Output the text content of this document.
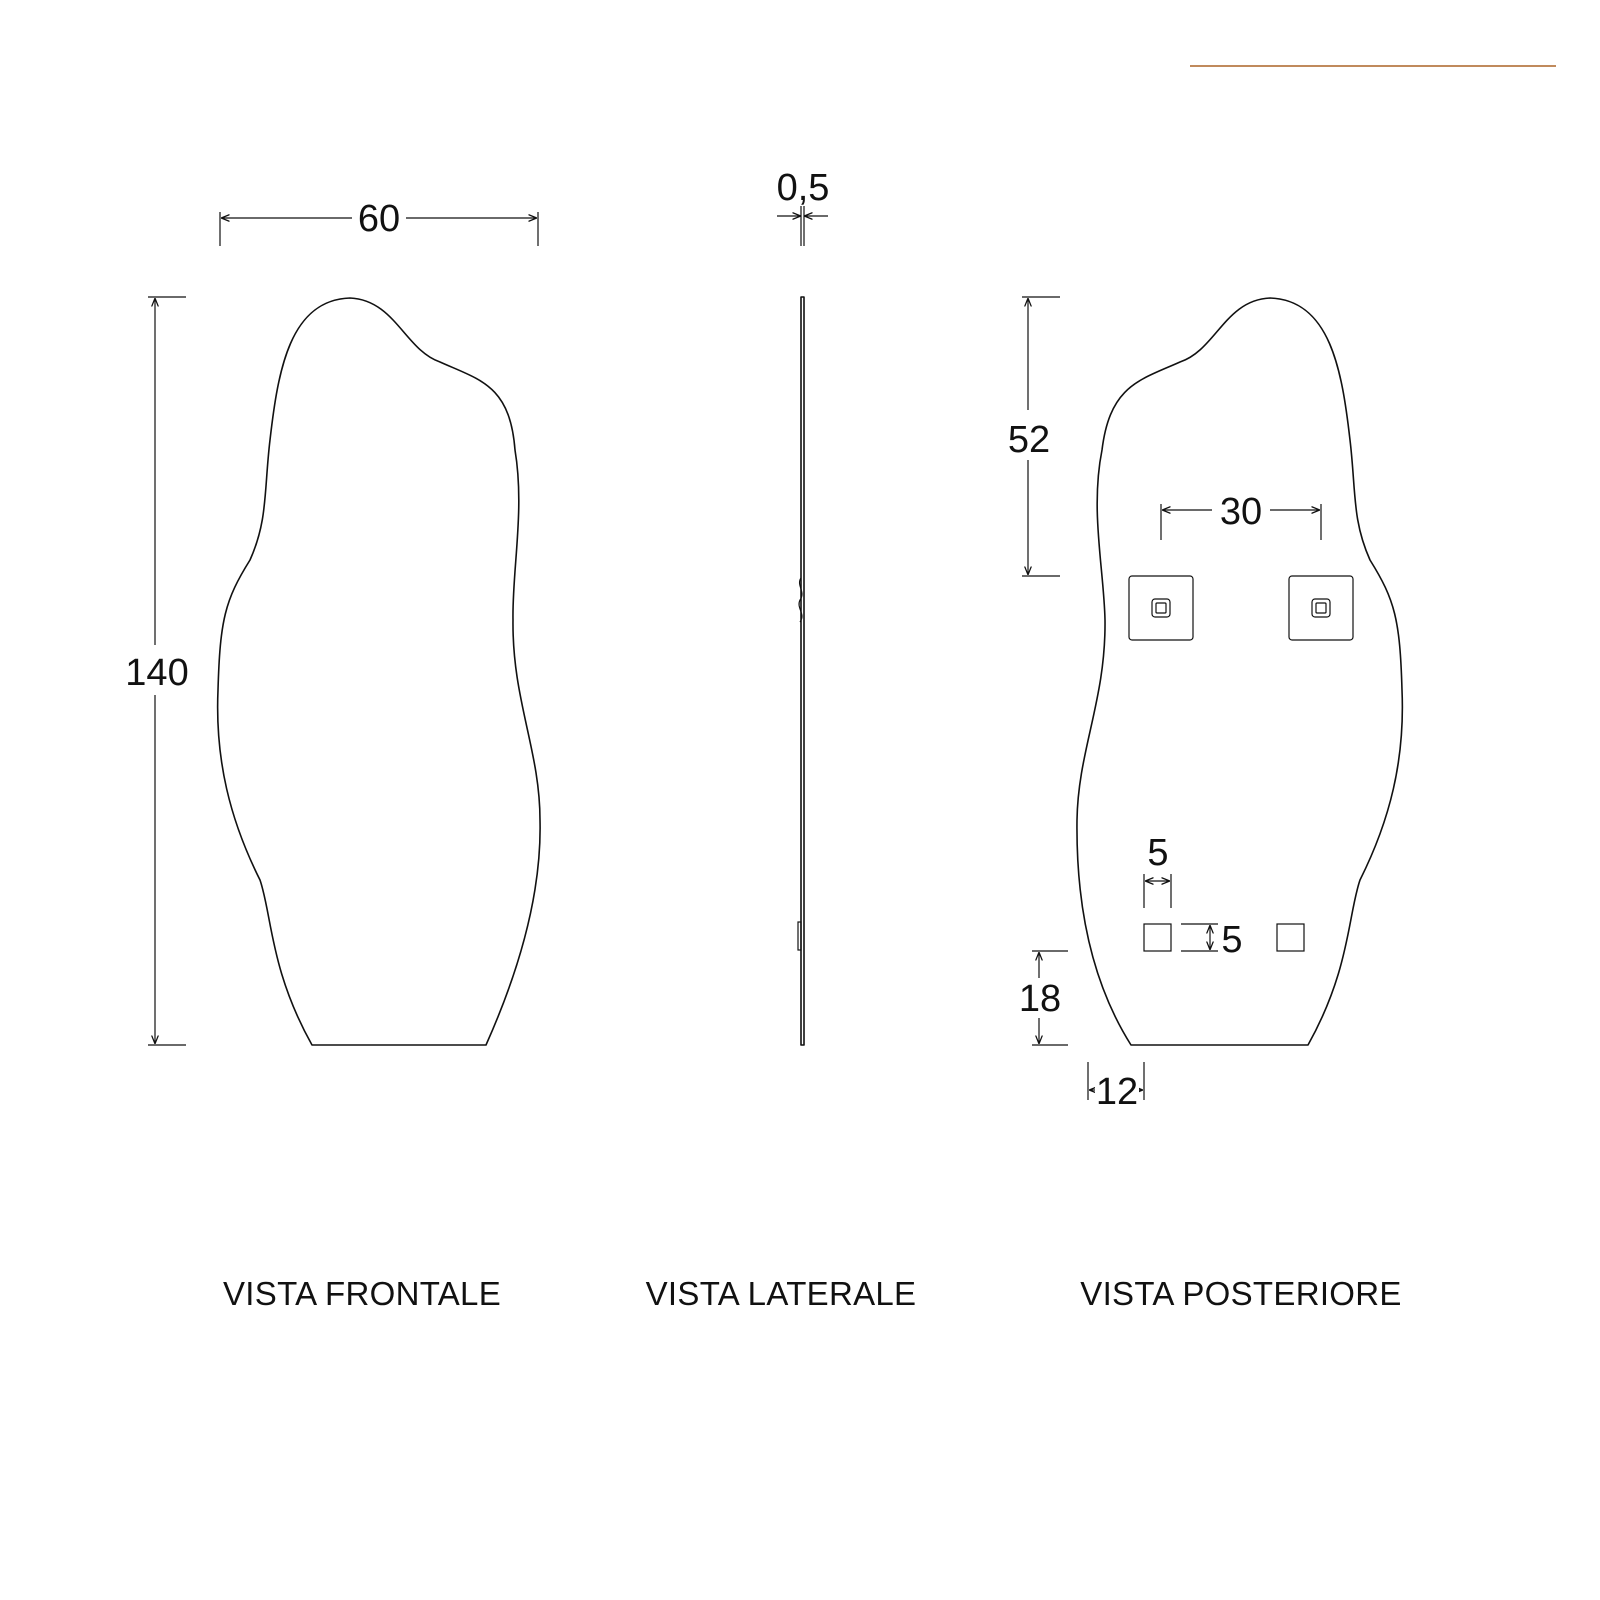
60
140
VISTA FRONTALE
0,5
VISTA LATERALE
52
30
5
5
18
12
VISTA POSTERIORE
